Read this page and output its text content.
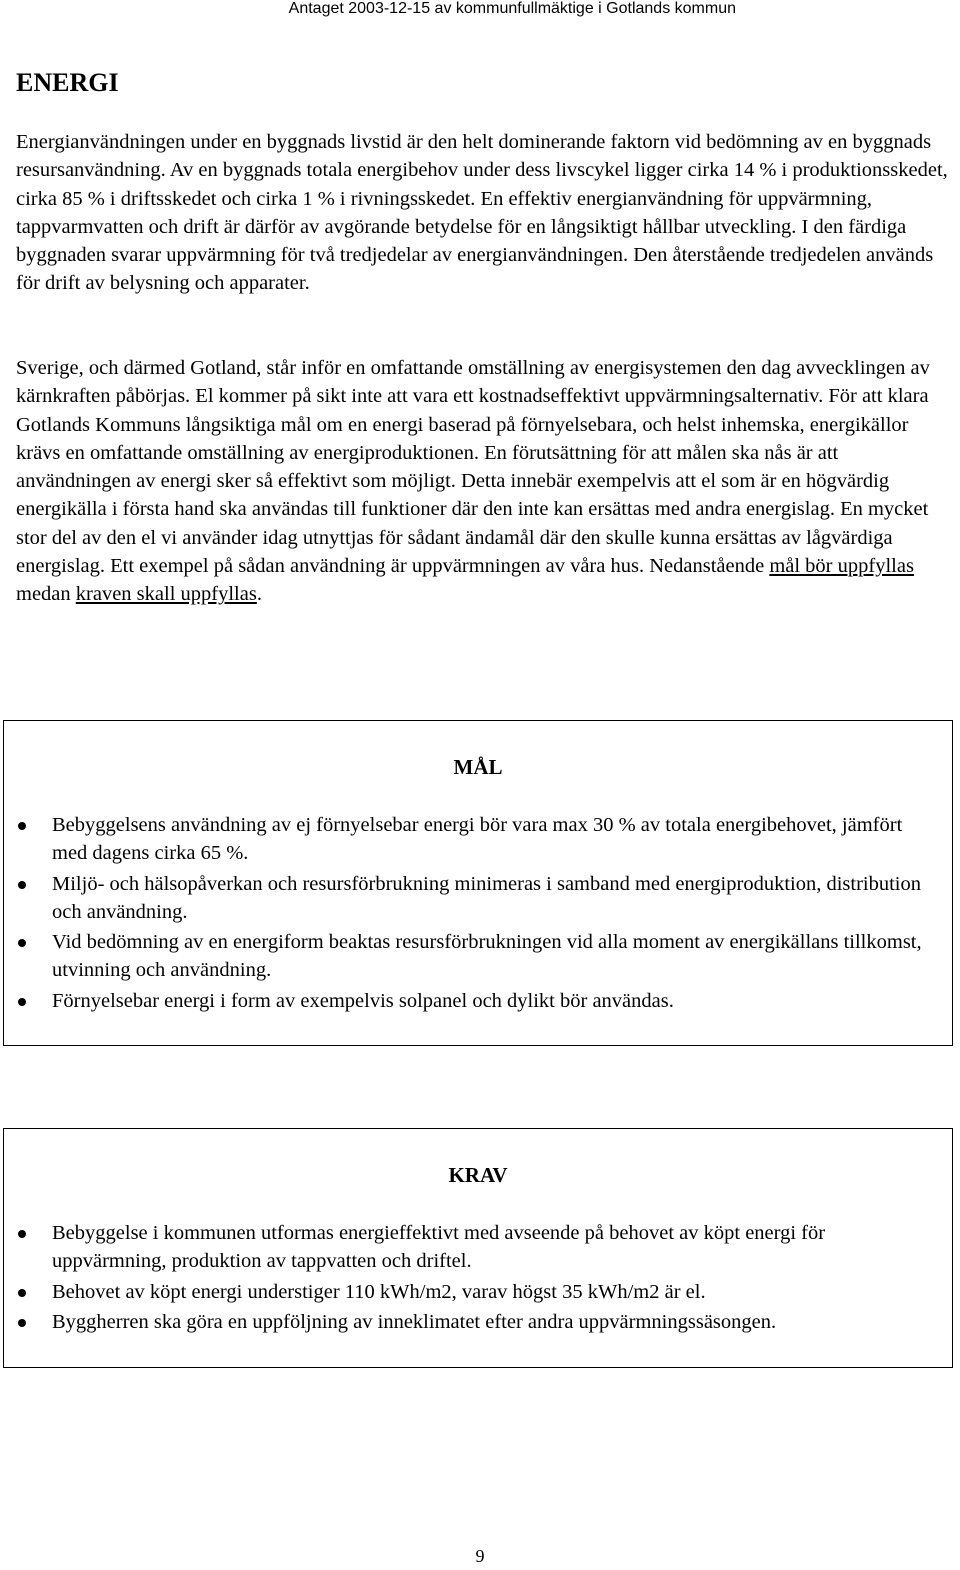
Antaget 2003-12-15 av kommunfullmäktige i Gotlands kommun
ENERGI

Energianvändningen under en byggnads livstid är den helt dominerande faktorn vid bedömning av en byggnads resursanvändning. Av en byggnads totala energibehov under dess livscykel ligger cirka 14 % i produktionsskedet, cirka 85 % i driftsskedet och cirka 1 % i rivningsskedet. En effektiv energianvändning för uppvärmning, tappvarmvatten och drift är därför av avgörande betydelse för en långsiktigt hållbar utveckling. I den färdiga byggnaden svarar uppvärmning för två tredjedelar av energianvändningen. Den återstående tredjedelen används för drift av belysning och apparater.

Sverige, och därmed Gotland, står inför en omfattande omställning av energisystemen den dag avvecklingen av kärnkraften påbörjas. El kommer på sikt inte att vara ett kostnadseffektivt uppvärmningsalternativ. För att klara Gotlands Kommuns långsiktiga mål om en energi baserad på förnyelsebara, och helst inhemska, energikällor krävs en omfattande omställning av energiproduktionen. En förutsättning för att målen ska nås är att användningen av energi sker så effektivt som möjligt. Detta innebär exempelvis att el som är en högvärdig energikälla i första hand ska användas till funktioner där den inte kan ersättas med andra energislag. En mycket stor del av den el vi använder idag utnyttjas för sådant ändamål där den skulle kunna ersättas av lågvärdiga energislag. Ett exempel på sådan användning är uppvärmningen av våra hus. Nedanstående mål bör uppfyllas medan kraven skall uppfyllas.

MÅL
Bebyggelsens användning av ej förnyelsebar energi bör vara max 30 % av totala energibehovet, jämfört med dagens cirka 65 %.
Miljö- och hälsopåverkan och resursförbrukning minimeras i samband med energiproduktion, distribution och användning.
Vid bedömning av en energiform beaktas resursförbrukningen vid alla moment av energikällans tillkomst, utvinning och användning.
Förnyelsebar energi i form av exempelvis solpanel och dylikt bör användas.
KRAV
Bebyggelse i kommunen utformas energieffektivt med avseende på behovet av köpt energi för uppvärmning, produktion av tappvatten och driftel.
Behovet av köpt energi understiger 110 kWh/m2, varav högst 35 kWh/m2 är el.
Byggherren ska göra en uppföljning av inneklimatet efter andra uppvärmningssäsongen.
9
